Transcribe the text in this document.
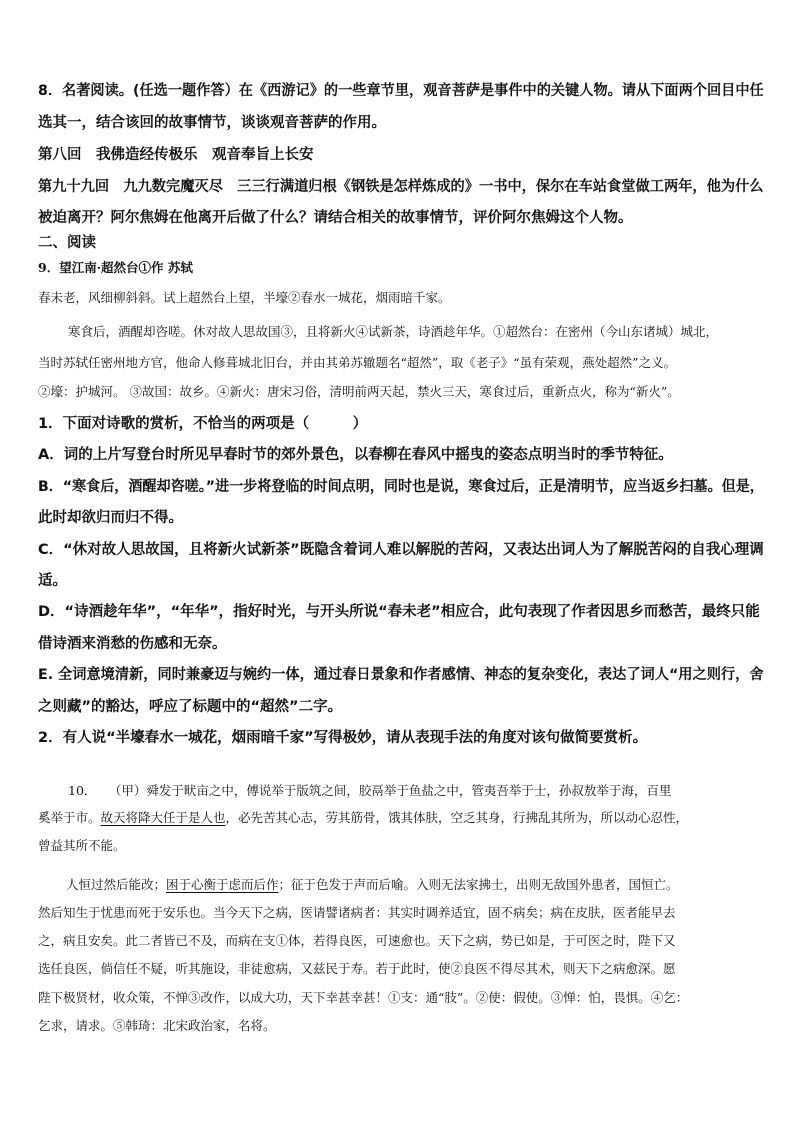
8．名著阅读。(任选一题作答）在《西游记》的一些章节里，观音菩萨是事件中的关键人物。请从下面两个回目中任
选其一，结合该回的故事情节，谈谈观音菩萨的作用。
第八回　我佛造经传极乐　观音奉旨上长安
第九十九回　九九数完魔灭尽　三三行满道归根《钢铁是怎样炼成的》一书中，保尔在车站食堂做工两年，他为什么
被迫离开？阿尔焦姆在他离开后做了什么？请结合相关的故事情节，评价阿尔焦姆这个人物。
二、阅读
9．望江南·超然台①作 苏轼
春未老，风细柳斜斜。试上超然台上望，半壕②春水一城花，烟雨暗千家。
寒食后，酒醒却咨嗟。休对故人思故国③，且将新火④试新茶，诗酒趁年华。①超然台：在密州（今山东诸城）城北，
当时苏轼任密州地方官，他命人修葺城北旧台，并由其弟苏辙题名“超然”，取《老子》“虽有荣观，燕处超然”之义。
②壕：护城河。 ③故国：故乡。④新火：唐宋习俗，清明前两天起，禁火三天，寒食过后，重新点火，称为“新火”。
1．下面对诗歌的赏析，不恰当的两项是（　　　）
A．词的上片写登台时所见早春时节的郊外景色，以春柳在春风中摇曳的姿态点明当时的季节特征。
B．“寒食后，酒醒却咨嗟。”进一步将登临的时间点明，同时也是说，寒食过后，正是清明节，应当返乡扫墓。但是，
此时却欲归而归不得。
C．“休对故人思故国，且将新火试新茶”既隐含着词人难以解脱的苦闷，又表达出词人为了解脱苦闷的自我心理调
适。
D．“诗酒趁年华”，“年华”，指好时光，与开头所说“春未老”相应合，此句表现了作者因思乡而愁苦，最终只能
借诗酒来消愁的伤感和无奈。
E. 全词意境清新，同时兼豪迈与婉约一体，通过春日景象和作者感情、神态的复杂变化，表达了词人“用之则行，舍
之则藏”的豁达，呼应了标题中的“超然”二字。
2．有人说“半壕春水一城花，烟雨暗千家”写得极妙，请从表现手法的角度对该句做简要赏析。
10．　　（甲）舜发于畎亩之中，傅说举于版筑之间，胶鬲举于鱼盐之中，管夷吾举于士，孙叔敖举于海，百里
奚举于市。故天将降大任于是人也，必先苦其心志，劳其筋骨，饿其体肤，空乏其身，行拂乱其所为，所以动心忍性，
曾益其所不能。
人恒过然后能改；困于心衡于虑而后作；征于色发于声而后喻。入则无法家拂士，出则无敌国外患者，国恒亡。
然后知生于忧患而死于安乐也。当今天下之病，医请譬诸病者：其实时调养适宜，固不病矣；病在皮肤，医者能早去
之，病且安矣。此二者皆已不及，而病在支①体，若得良医，可速愈也。天下之病，势已如是，于可医之时，陛下又
选任良医，倘信任不疑，听其施设，非徒愈病，又兹民于寿。若于此时，使②良医不得尽其术，则天下之病愈深。愿
陛下极贤材，收众策，不惮③改作，以成大功，天下幸甚幸甚！①支：通“肢”。②使：假使。③惮：怕，畏惧。④乞：
乞求，请求。⑤韩琦：北宋政治家，名将。
